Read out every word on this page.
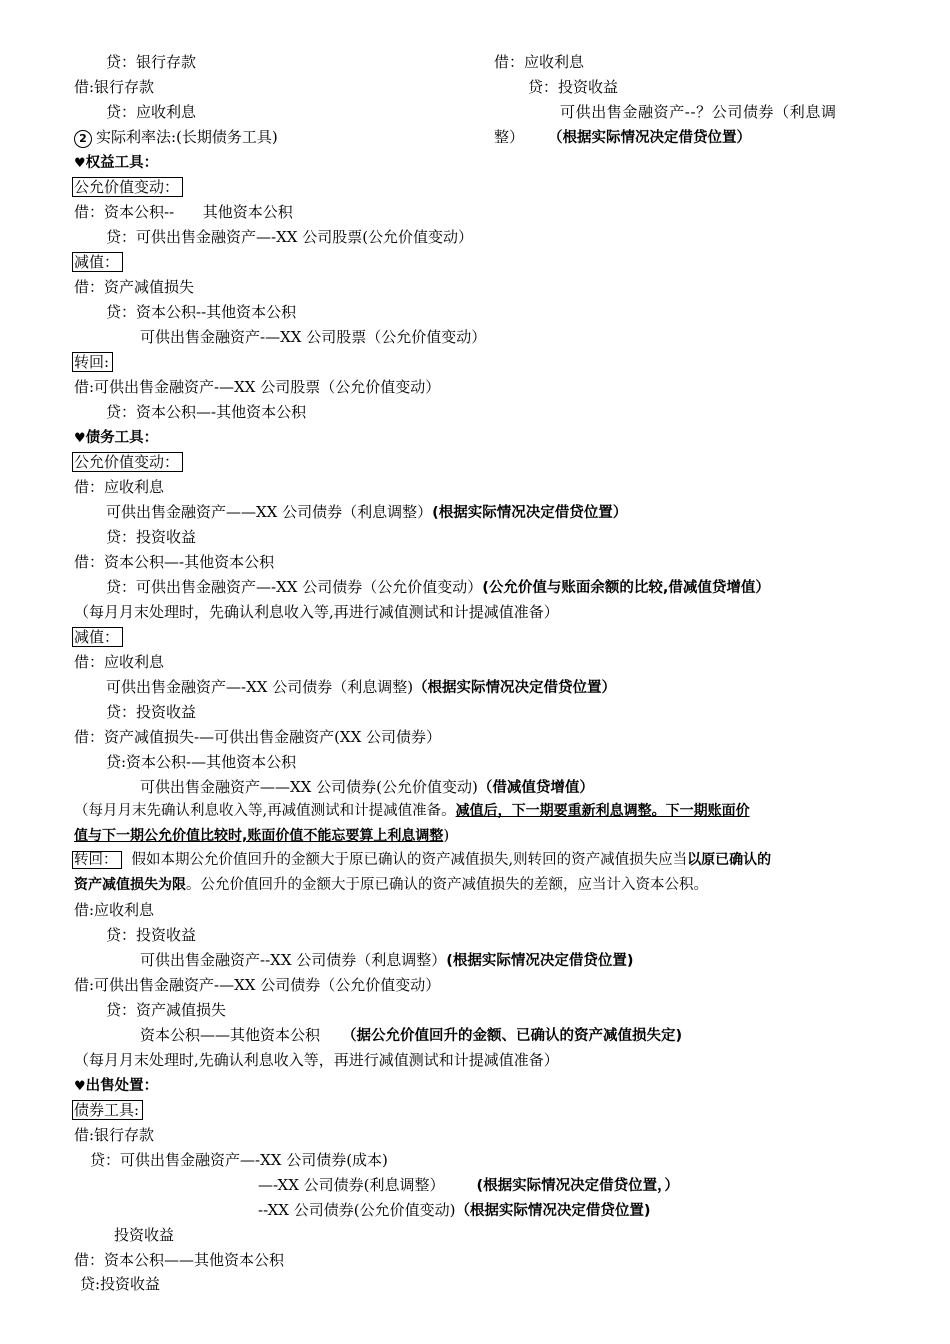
贷：银行存款
借:银行存款
贷：应收利息
2 实际利率法:(长期债务工具)
借：应收利息
贷：投资收益
可供出售金融资产--？公司债券（利息调
整） （根据实际情况决定借贷位置）
♥权益工具：
公允价值变动：
借：资本公积--      其他资本公积
贷：可供出售金融资产—-XX 公司股票(公允价值变动）
减值：
借：资产减值损失
贷：资本公积--其他资本公积
可供出售金融资产-—XX 公司股票（公允价值变动）
转回:
借:可供出售金融资产-—XX 公司股票（公允价值变动）
贷：资本公积—-其他资本公积
♥债务工具：
公允价值变动：
借：应收利息
可供出售金融资产——XX 公司债券（利息调整）(根据实际情况决定借贷位置）
贷：投资收益
借：资本公积—-其他资本公积
贷：可供出售金融资产—-XX 公司债券（公允价值变动）(公允价值与账面余额的比较,借减值贷增值）
（每月月末处理时，先确认利息收入等,再进行减值测试和计提减值准备）
减值：
借：应收利息
可供出售金融资产—-XX 公司债券（利息调整)（根据实际情况决定借贷位置）
贷：投资收益
借：资产减值损失-—可供出售金融资产(XX 公司债券）
贷:资本公积-—其他资本公积
可供出售金融资产——XX 公司债券(公允价值变动)（借减值贷增值）
（每月月末先确认利息收入等,再减值测试和计提减值准备。减值后，下一期要重新利息调整。下一期账面价
值与下一期公允价值比较时,账面价值不能忘要算上利息调整)
转回： 假如本期公允价值回升的金额大于原已确认的资产减值损失,则转回的资产减值损失应当以原已确认的
资产减值损失为限。公允价值回升的金额大于原已确认的资产减值损失的差额，应当计入资本公积。
借:应收利息
贷：投资收益
可供出售金融资产--XX 公司债券（利息调整）(根据实际情况决定借贷位置)
借:可供出售金融资产-—XX 公司债券（公允价值变动）
贷：资产减值损失
资本公积——其他资本公积 （据公允价值回升的金额、已确认的资产减值损失定)
（每月月末处理时,先确认利息收入等，再进行减值测试和计提减值准备）
♥出售处置：
债券工具:
借:银行存款
贷：可供出售金融资产—-XX 公司债券(成本)
—-XX 公司债券(利息调整） (根据实际情况决定借贷位置，）
--XX 公司债券(公允价值变动)（根据实际情况决定借贷位置)
投资收益
借：资本公积——其他资本公积
贷:投资收益
